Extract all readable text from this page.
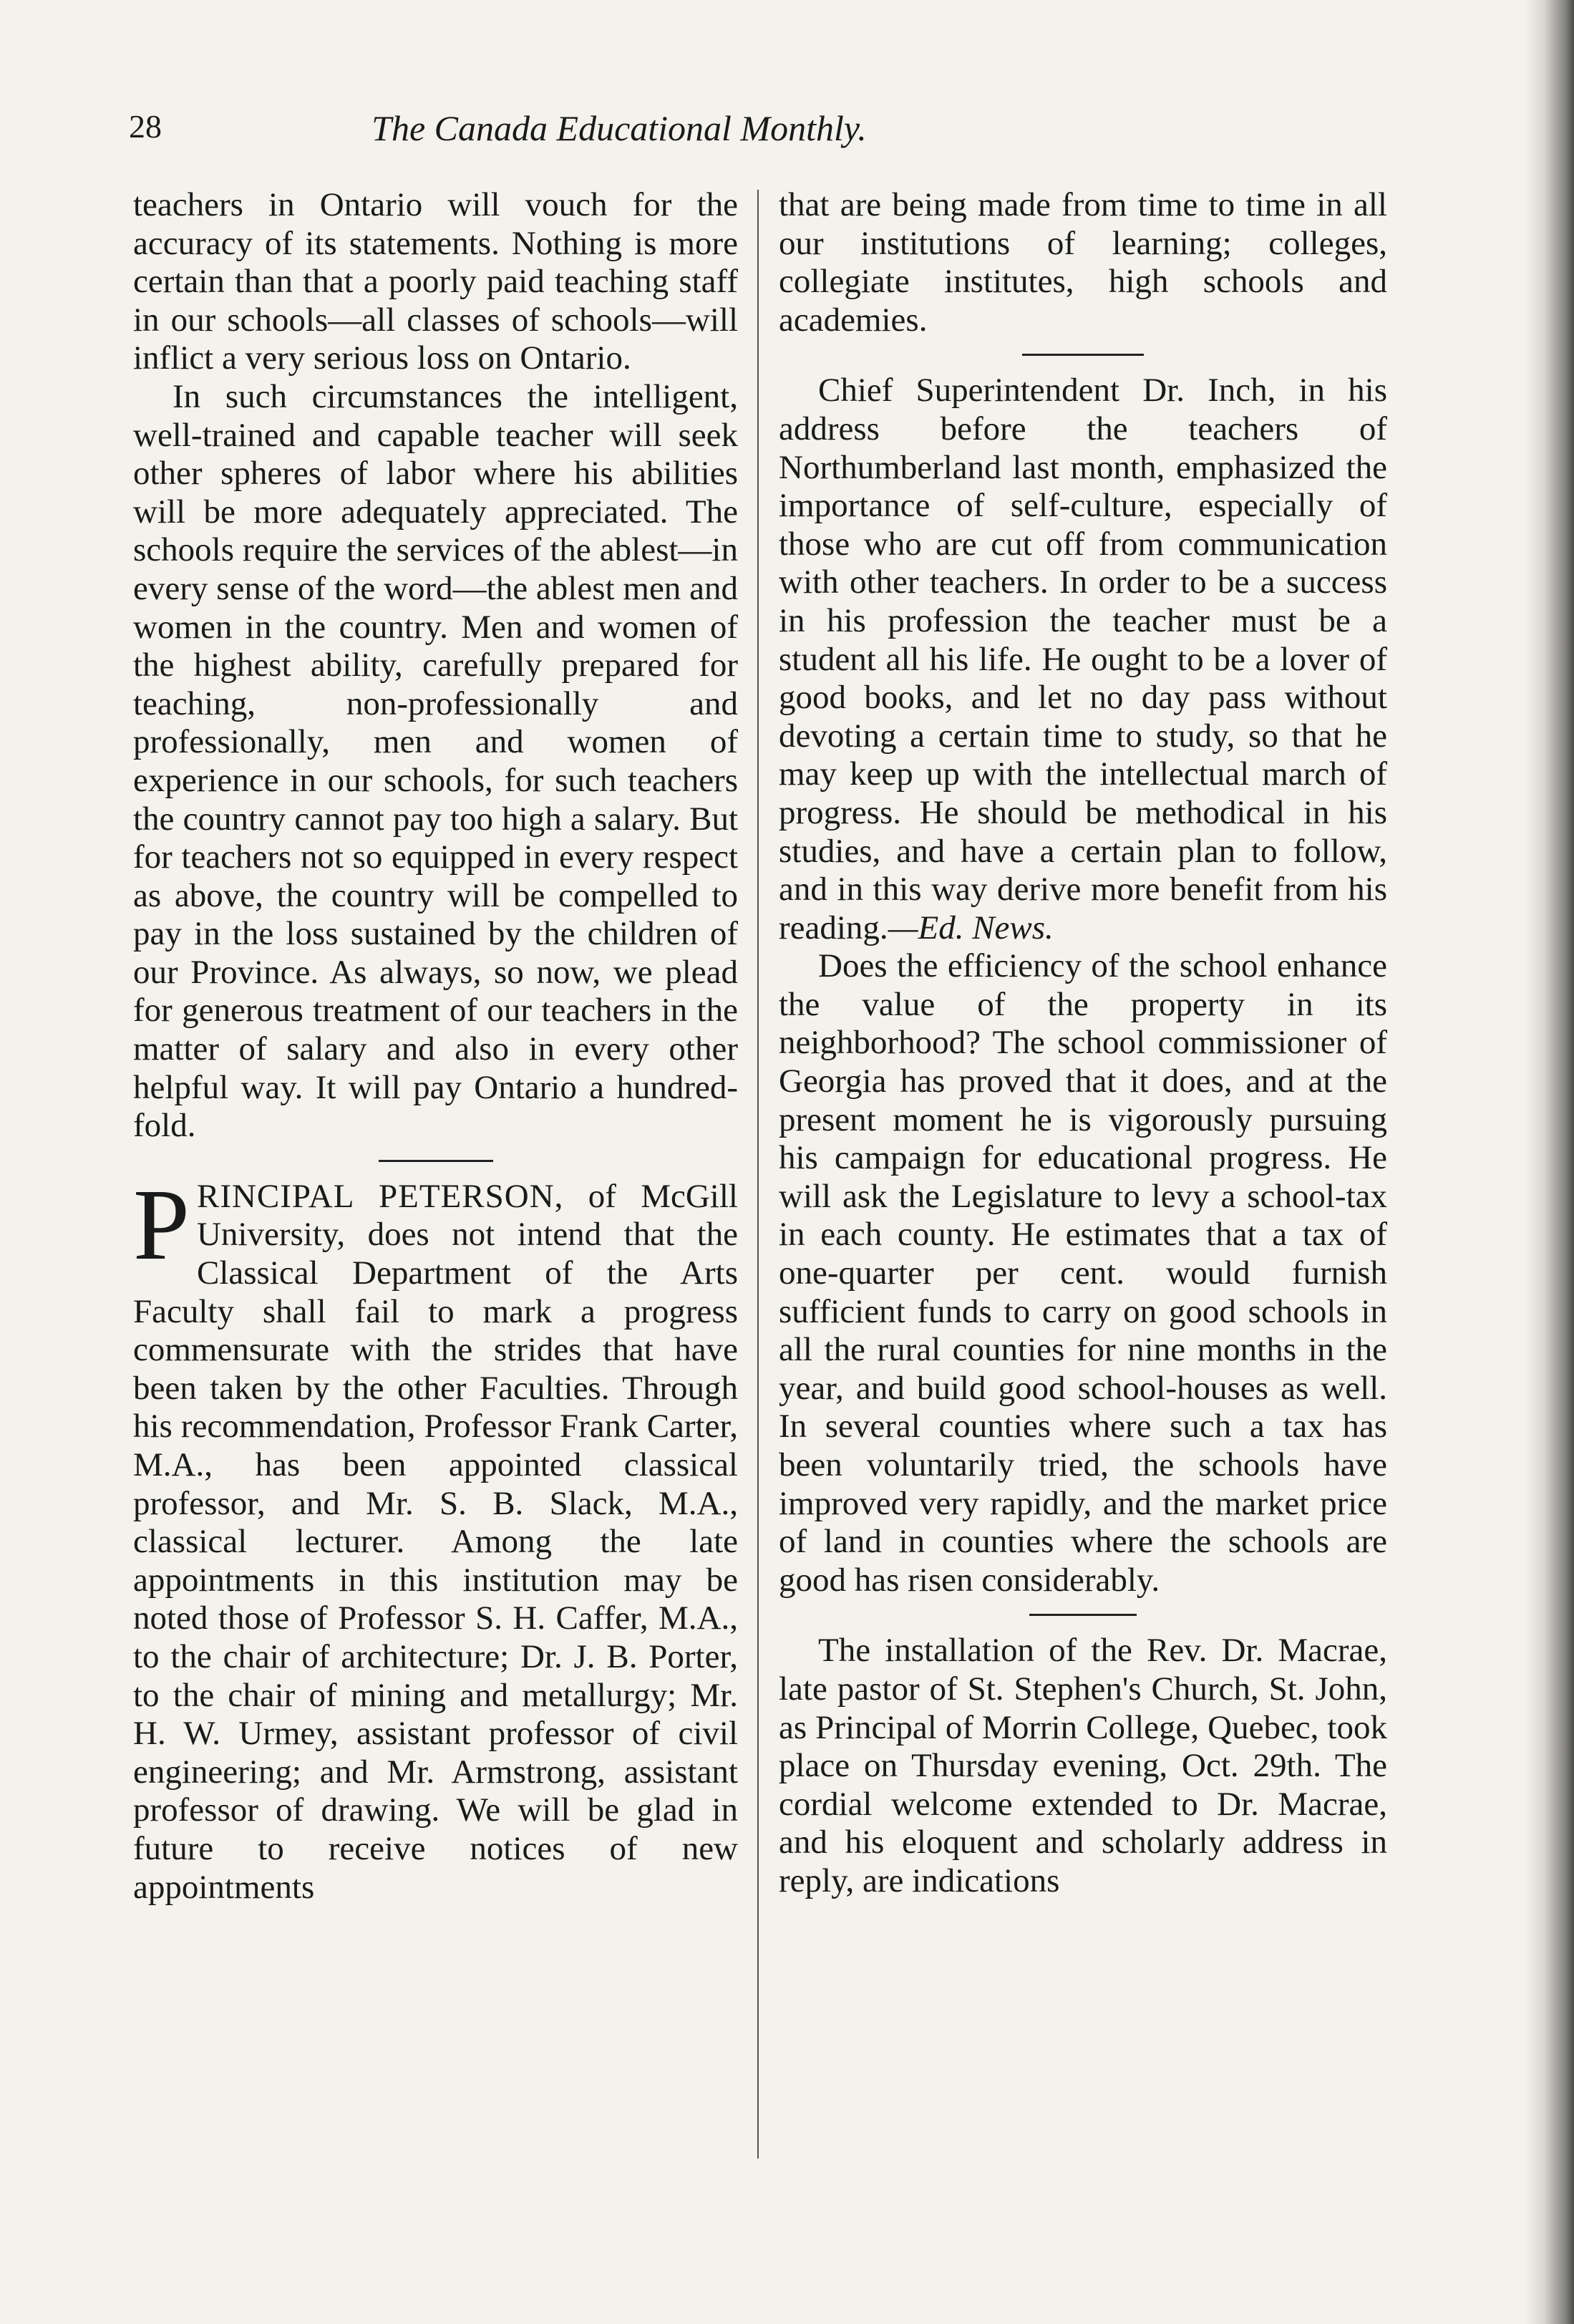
28	The Canada Educational Monthly.

teachers in Ontario will vouch for the accuracy of its statements. Nothing is more certain than that a poorly paid teaching staff in our schools—all classes of schools—will inflict a very serious loss on Ontario.

In such circumstances the intelligent, well-trained and capable teacher will seek other spheres of labor where his abilities will be more adequately appreciated. The schools require the services of the ablest—in every sense of the word—the ablest men and women in the country. Men and women of the highest ability, carefully prepared for teaching, non-professionally and professionally, men and women of experience in our schools, for such teachers the country cannot pay too high a salary. But for teachers not so equipped in every respect as above, the country will be compelled to pay in the loss sustained by the children of our Province. As always, so now, we plead for generous treatment of our teachers in the matter of salary and also in every other helpful way. It will pay Ontario a hundred-fold.

PRINCIPAL PETERSON, of McGill University, does not intend that the Classical Department of the Arts Faculty shall fail to mark a progress commensurate with the strides that have been taken by the other Faculties. Through his recommendation, Professor Frank Carter, M.A., has been appointed classical professor, and Mr. S. B. Slack, M.A., classical lecturer. Among the late appointments in this institution may be noted those of Professor S. H. Caffer, M.A., to the chair of architecture; Dr. J. B. Porter, to the chair of mining and metallurgy; Mr. H. W. Urmey, assistant professor of civil engineering; and Mr. Armstrong, assistant professor of drawing. We will be glad in future to receive notices of new appointments

that are being made from time to time in all our institutions of learning; colleges, collegiate institutes, high schools and academies.

Chief Superintendent Dr. Inch, in his address before the teachers of Northumberland last month, emphasized the importance of self-culture, especially of those who are cut off from communication with other teachers. In order to be a success in his profession the teacher must be a student all his life. He ought to be a lover of good books, and let no day pass without devoting a certain time to study, so that he may keep up with the intellectual march of progress. He should be methodical in his studies, and have a certain plan to follow, and in this way derive more benefit from his reading.—Ed. News.

Does the efficiency of the school enhance the value of the property in its neighborhood? The school commissioner of Georgia has proved that it does, and at the present moment he is vigorously pursuing his campaign for educational progress. He will ask the Legislature to levy a school-tax in each county. He estimates that a tax of one-quarter per cent. would furnish sufficient funds to carry on good schools in all the rural counties for nine months in the year, and build good school-houses as well. In several counties where such a tax has been voluntarily tried, the schools have improved very rapidly, and the market price of land in counties where the schools are good has risen considerably.

The installation of the Rev. Dr. Macrae, late pastor of St. Stephen's Church, St. John, as Principal of Morrin College, Quebec, took place on Thursday evening, Oct. 29th. The cordial welcome extended to Dr. Macrae, and his eloquent and scholarly address in reply, are indications
